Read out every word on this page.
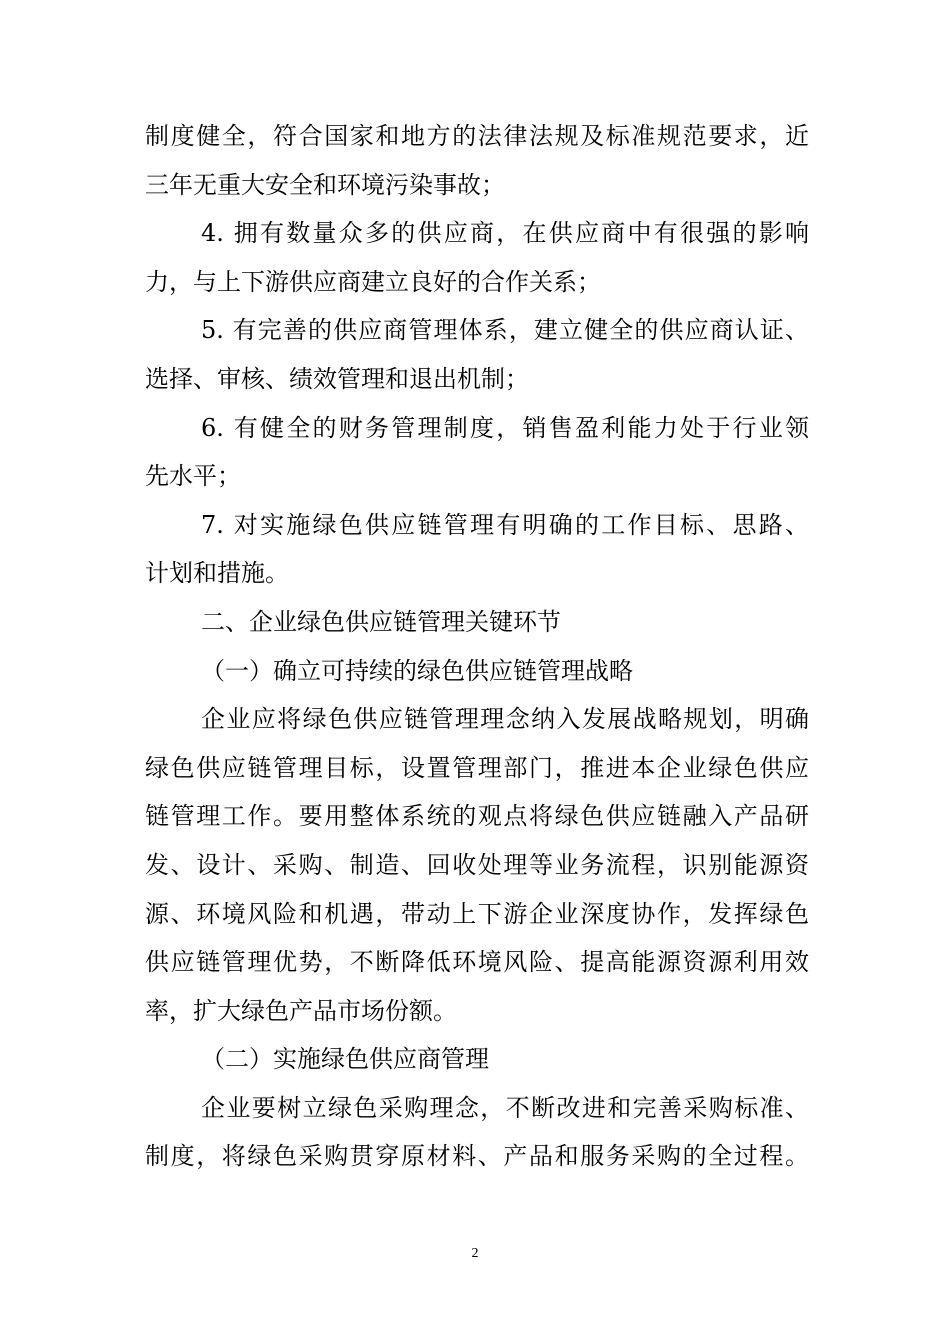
制度健全，符合国家和地方的法律法规及标准规范要求，近
三年无重大安全和环境污染事故；
4. 拥有数量众多的供应商，在供应商中有很强的影响
力，与上下游供应商建立良好的合作关系；
5. 有完善的供应商管理体系，建立健全的供应商认证、
选择、审核、绩效管理和退出机制；
6. 有健全的财务管理制度，销售盈利能力处于行业领
先水平；
7. 对实施绿色供应链管理有明确的工作目标、思路、
计划和措施。
二、企业绿色供应链管理关键环节
（一）确立可持续的绿色供应链管理战略
企业应将绿色供应链管理理念纳入发展战略规划，明确
绿色供应链管理目标，设置管理部门，推进本企业绿色供应
链管理工作。要用整体系统的观点将绿色供应链融入产品研
发、设计、采购、制造、回收处理等业务流程，识别能源资
源、环境风险和机遇，带动上下游企业深度协作，发挥绿色
供应链管理优势，不断降低环境风险、提高能源资源利用效
率，扩大绿色产品市场份额。
（二）实施绿色供应商管理
企业要树立绿色采购理念，不断改进和完善采购标准、
制度，将绿色采购贯穿原材料、产品和服务采购的全过程。
2
